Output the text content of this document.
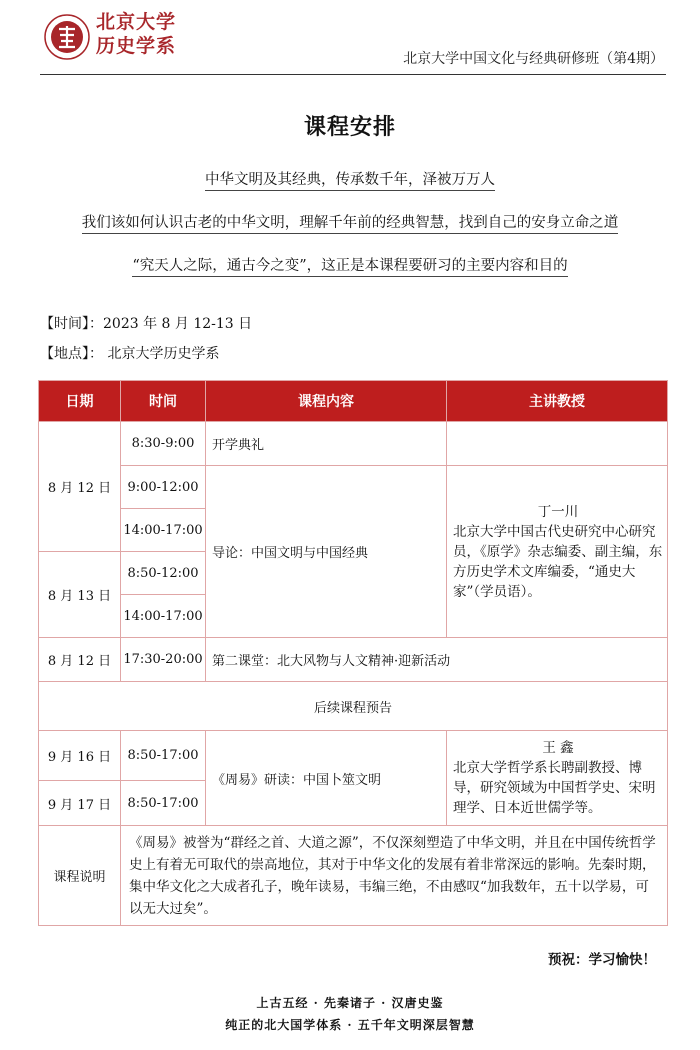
北京大学
历史学系
北京大学中国文化与经典研修班（第4期）
课程安排
中华文明及其经典，传承数千年，泽被万万人
我们该如何认识古老的中华文明，理解千年前的经典智慧，找到自己的安身立命之道
“究天人之际，通古今之变”，这正是本课程要研习的主要内容和目的
【时间】：2023 年 8 月 12-13 日
【地点】： 北京大学历史学系
日期	时间	课程内容	主讲教授
8 月 12 日	8:30-9:00	开学典礼	
	9:00-12:00	导论：中国文明与中国经典	丁一川
北京大学中国古代史研究中心研究员，《原学》杂志编委、副主编，东方历史学术文库编委，“通史大家”（学员语）。
	14:00-17:00		
8 月 13 日	8:50-12:00		
	14:00-17:00		
8 月 12 日	17:30-20:00	第二课堂：北大风物与人文精神·迎新活动	
后续课程预告			
9 月 16 日	8:50-17:00	《周易》研读：中国卜筮文明	王 鑫
北京大学哲学系长聘副教授、博导，研究领域为中国哲学史、宋明理学、日本近世儒学等。
9 月 17 日	8:50-17:00		
课程说明	《周易》被誉为“群经之首、大道之源”，不仅深刻塑造了中华文明，并且在中国传统哲学史上有着无可取代的崇高地位，其对于中华文化的发展有着非常深远的影响。先秦时期，集中华文化之大成者孔子，晚年读易，韦编三绝，不由感叹“加我数年，五十以学易，可以无大过矣”。		
预祝：学习愉快！
上古五经 · 先秦诸子 · 汉唐史鉴
纯正的北大国学体系 · 五千年文明深层智慧
